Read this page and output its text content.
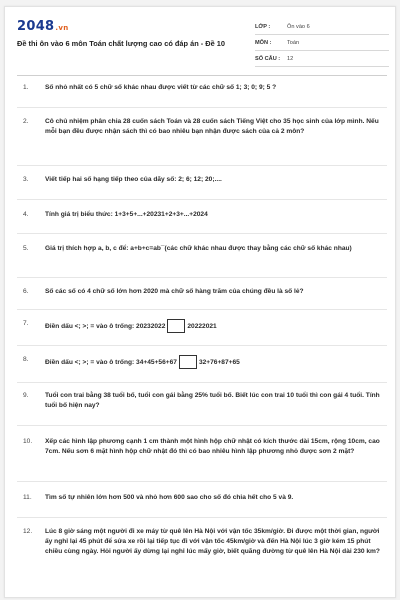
2048.vn
Đề thi ôn vào 6 môn Toán chất lượng cao có đáp án - Đề 10
LỚP :	Ôn vào 6
MÔN :	Toán
SỐ CÂU :	12
1.	Số nhỏ nhất có 5 chữ số khác nhau được viết từ các chữ số 1; 3; 0; 9; 5 ?
2.	Cô chủ nhiệm phân chia 28 cuốn sách Toán và 28 cuốn sách Tiếng Việt cho 35 học sinh của lớp mình. Nếu mỗi bạn đều được nhận sách thì có bao nhiêu bạn nhận được sách của cả 2 môn?
3.	Viết tiếp hai số hạng tiếp theo của dãy số: 2; 6; 12; 20;....
4.	Tính giá trị biểu thức: 1+3+5+...+20231+2+3+...+2024
5.	Giá trị thích hợp a, b, c để: a+b+c=ab¯(các chữ khác nhau được thay bằng các chữ số khác nhau)
6.	Số các số có 4 chữ số lớn hơn 2020 mà chữ số hàng trăm của chúng đều là số lẻ?
7.	Điền dấu <; >; = vào ô trống: 20232022	20222021
8.	Điền dấu <; >; = vào ô trống: 34+45+56+67	32+76+87+65
9.	Tuổi con trai bằng 38 tuổi bố, tuổi con gái bằng 25% tuổi bố. Biết lúc con trai 10 tuổi thì con gái 4 tuổi. Tính tuổi bố hiện nay?
10.	Xếp các hình lập phương cạnh 1 cm thành một hình hộp chữ nhật có kích thước dài 15cm, rộng 10cm, cao 7cm. Nếu sơn 6 mặt hình hộp chữ nhật đó thì có bao nhiêu hình lập phương nhỏ được sơn 2 mặt?
11.	Tìm số tự nhiên lớn hơn 500 và nhỏ hơn 600 sao cho số đó chia hết cho 5 và 9.
12.	Lúc 8 giờ sáng một người đi xe máy từ quê lên Hà Nội với vận tốc 35km/giờ. Đi được một thời gian, người ấy nghỉ lại 45 phút để sửa xe rồi lại tiếp tục đi với vận tốc 45km/giờ và đến Hà Nội lúc 3 giờ kém 15 phút chiều cùng ngày. Hỏi người ấy dừng lại nghỉ lúc mấy giờ, biết quãng đường từ quê lên Hà Nội dài 230 km?
